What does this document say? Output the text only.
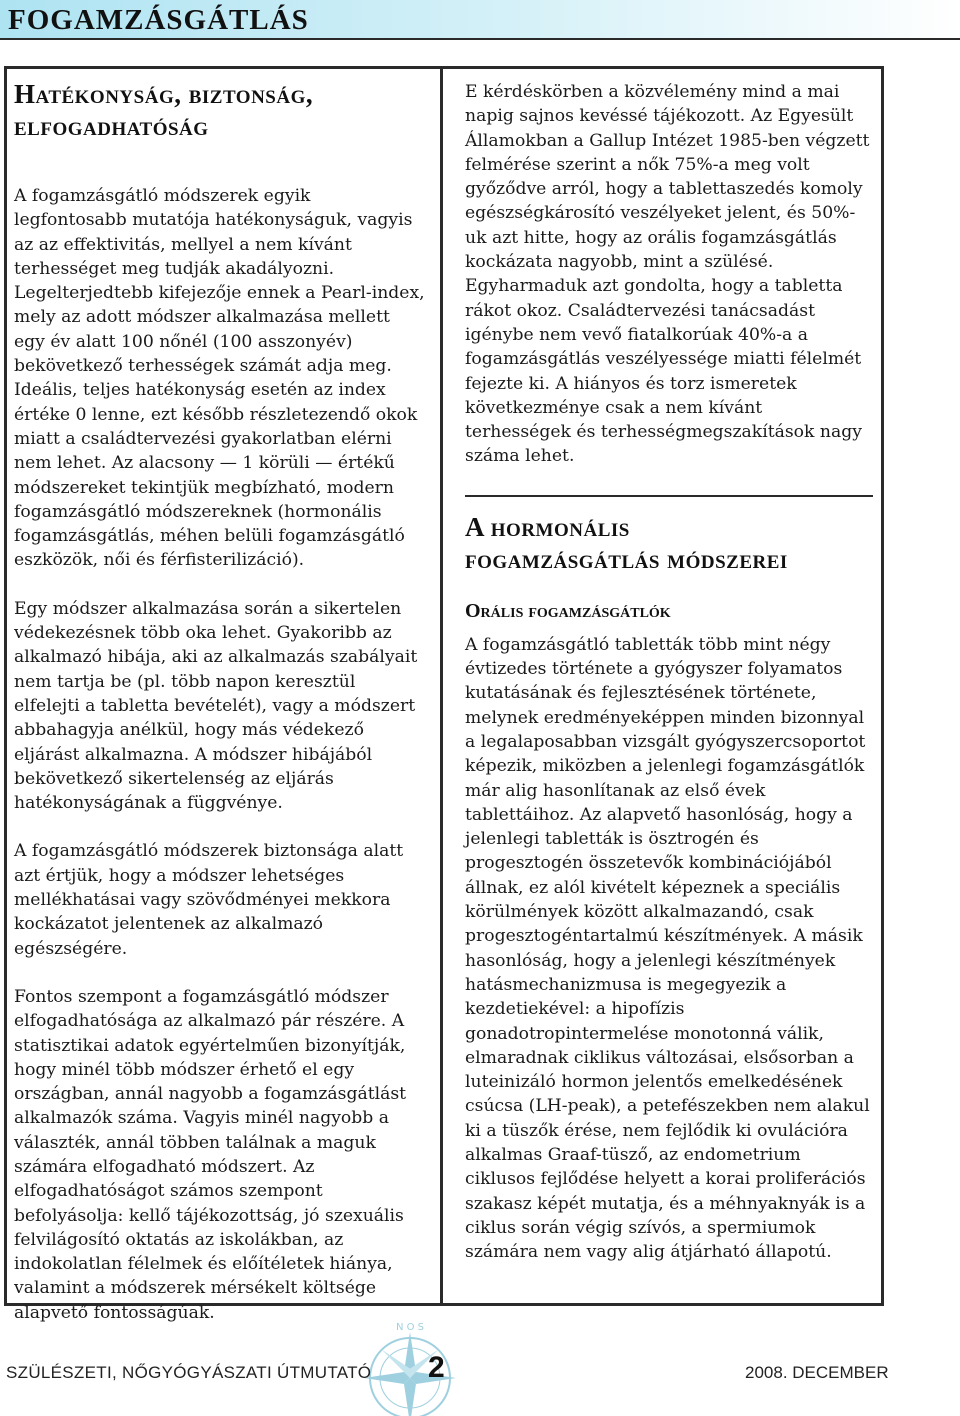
FOGAMZÁSGÁTLÁS
Hatékonyság, biztonság,
elfogadhatóság

A fogamzásgátló módszerek egyik legfontosabb mutatója hatékonyságuk, vagyis az az effektivitás, mellyel a nem kívánt terhességet meg tudják akadályozni. Legelterjedtebb kifejezője ennek a Pearl-index, mely az adott módszer alkalmazása mellett egy év alatt 100 nőnél (100 asszonyév) bekövetkező terhességek számát adja meg. Ideális, teljes hatékonyság esetén az index értéke 0 lenne, ezt később részletezendő okok miatt a családtervezési gyakorlatban elérni nem lehet. Az alacsony — 1 körüli — értékű módszereket tekintjük megbízható, modern fogamzásgátló módszereknek (hormonális fogamzásgátlás, méhen belüli fogamzásgátló eszközök, női és férfisterilizáció).

Egy módszer alkalmazása során a sikertelen védekezésnek több oka lehet. Gyakoribb az alkalmazó hibája, aki az alkalmazás szabályait nem tartja be (pl. több napon keresztül elfelejti a tabletta bevételét), vagy a módszert abbahagyja anélkül, hogy más védekező eljárást alkalmazna. A módszer hibájából bekövetkező sikertelenség az eljárás hatékonyságának a függvénye.

A fogamzásgátló módszerek biztonsága alatt azt értjük, hogy a módszer lehetséges mellékhatásai vagy szövődményei mekkora kockázatot jelentenek az alkalmazó egészségére.

Fontos szempont a fogamzásgátló módszer elfogadhatósága az alkalmazó pár részére. A statisztikai adatok egyértelműen bizonyítják, hogy minél több módszer érhető el egy országban, annál nagyobb a fogamzásgátlást alkalmazók száma. Vagyis minél nagyobb a választék, annál többen találnak a maguk számára elfogadható módszert. Az elfogadhatóságot számos szempont befolyásolja: kellő tájékozottság, jó szexuális felvilágosító oktatás az iskolákban, az indokolatlan félelmek és előítéletek hiánya, valamint a módszerek mérsékelt költsége alapvető fontosságúak.

E kérdéskörben a közvélemény mind a mai napig sajnos kevéssé tájékozott. Az Egyesült Államokban a Gallup Intézet 1985-ben végzett felmérése szerint a nők 75%-a meg volt győződve arról, hogy a tablettaszedés komoly egészségkárosító veszélyeket jelent, és 50%-uk azt hitte, hogy az orális fogamzásgátlás kockázata nagyobb, mint a szülésé. Egyharmaduk azt gondolta, hogy a tabletta rákot okoz. Családtervezési tanácsadást igénybe nem vevő fiatalkorúak 40%-a a fogamzásgátlás veszélyessége miatti félelmét fejezte ki. A hiányos és torz ismeretek következménye csak a nem kívánt terhességek és terhességmegszakítások nagy száma lehet.

A hormonális
fogamzásgátlás módszerei
Orális fogamzásgátlók

A fogamzásgátló tabletták több mint négy évtizedes története a gyógyszer folyamatos kutatásának és fejlesztésének története, melynek eredményeképpen minden bizonnyal a legalaposabban vizsgált gyógyszercsoportot képezik, miközben a jelenlegi fogamzásgátlók már alig hasonlítanak az első évek tablettáihoz. Az alapvető hasonlóság, hogy a jelenlegi tabletták is ösztrogén és progesztogén összetevők kombinációjából állnak, ez alól kivételt képeznek a speciális körülmények között alkalmazandó, csak progesztogéntartalmú készítmények. A másik hasonlóság, hogy a jelenlegi készítmények hatásmechanizmusa is megegyezik a kezdetiekével: a hipofízis gonadotropintermelése monotonná válik, elmaradnak ciklikus változásai, elsősorban a luteinizáló hormon jelentős emelkedésének csúcsa (LH-peak), a petefészekben nem alakul ki a tüszők érése, nem fejlődik ki ovulációra alkalmas Graaf-tüsző, az endometrium ciklusos fejlődése helyett a korai proliferációs szakasz képét mutatja, és a méhnyaknyák is a ciklus során végig szívós, a spermiumok számára nem vagy alig átjárható állapotú.

N O S
SZÜLÉSZETI, NŐGYÓGYÁSZATI ÚTMUTATÓ 2	2008. DECEMBER
